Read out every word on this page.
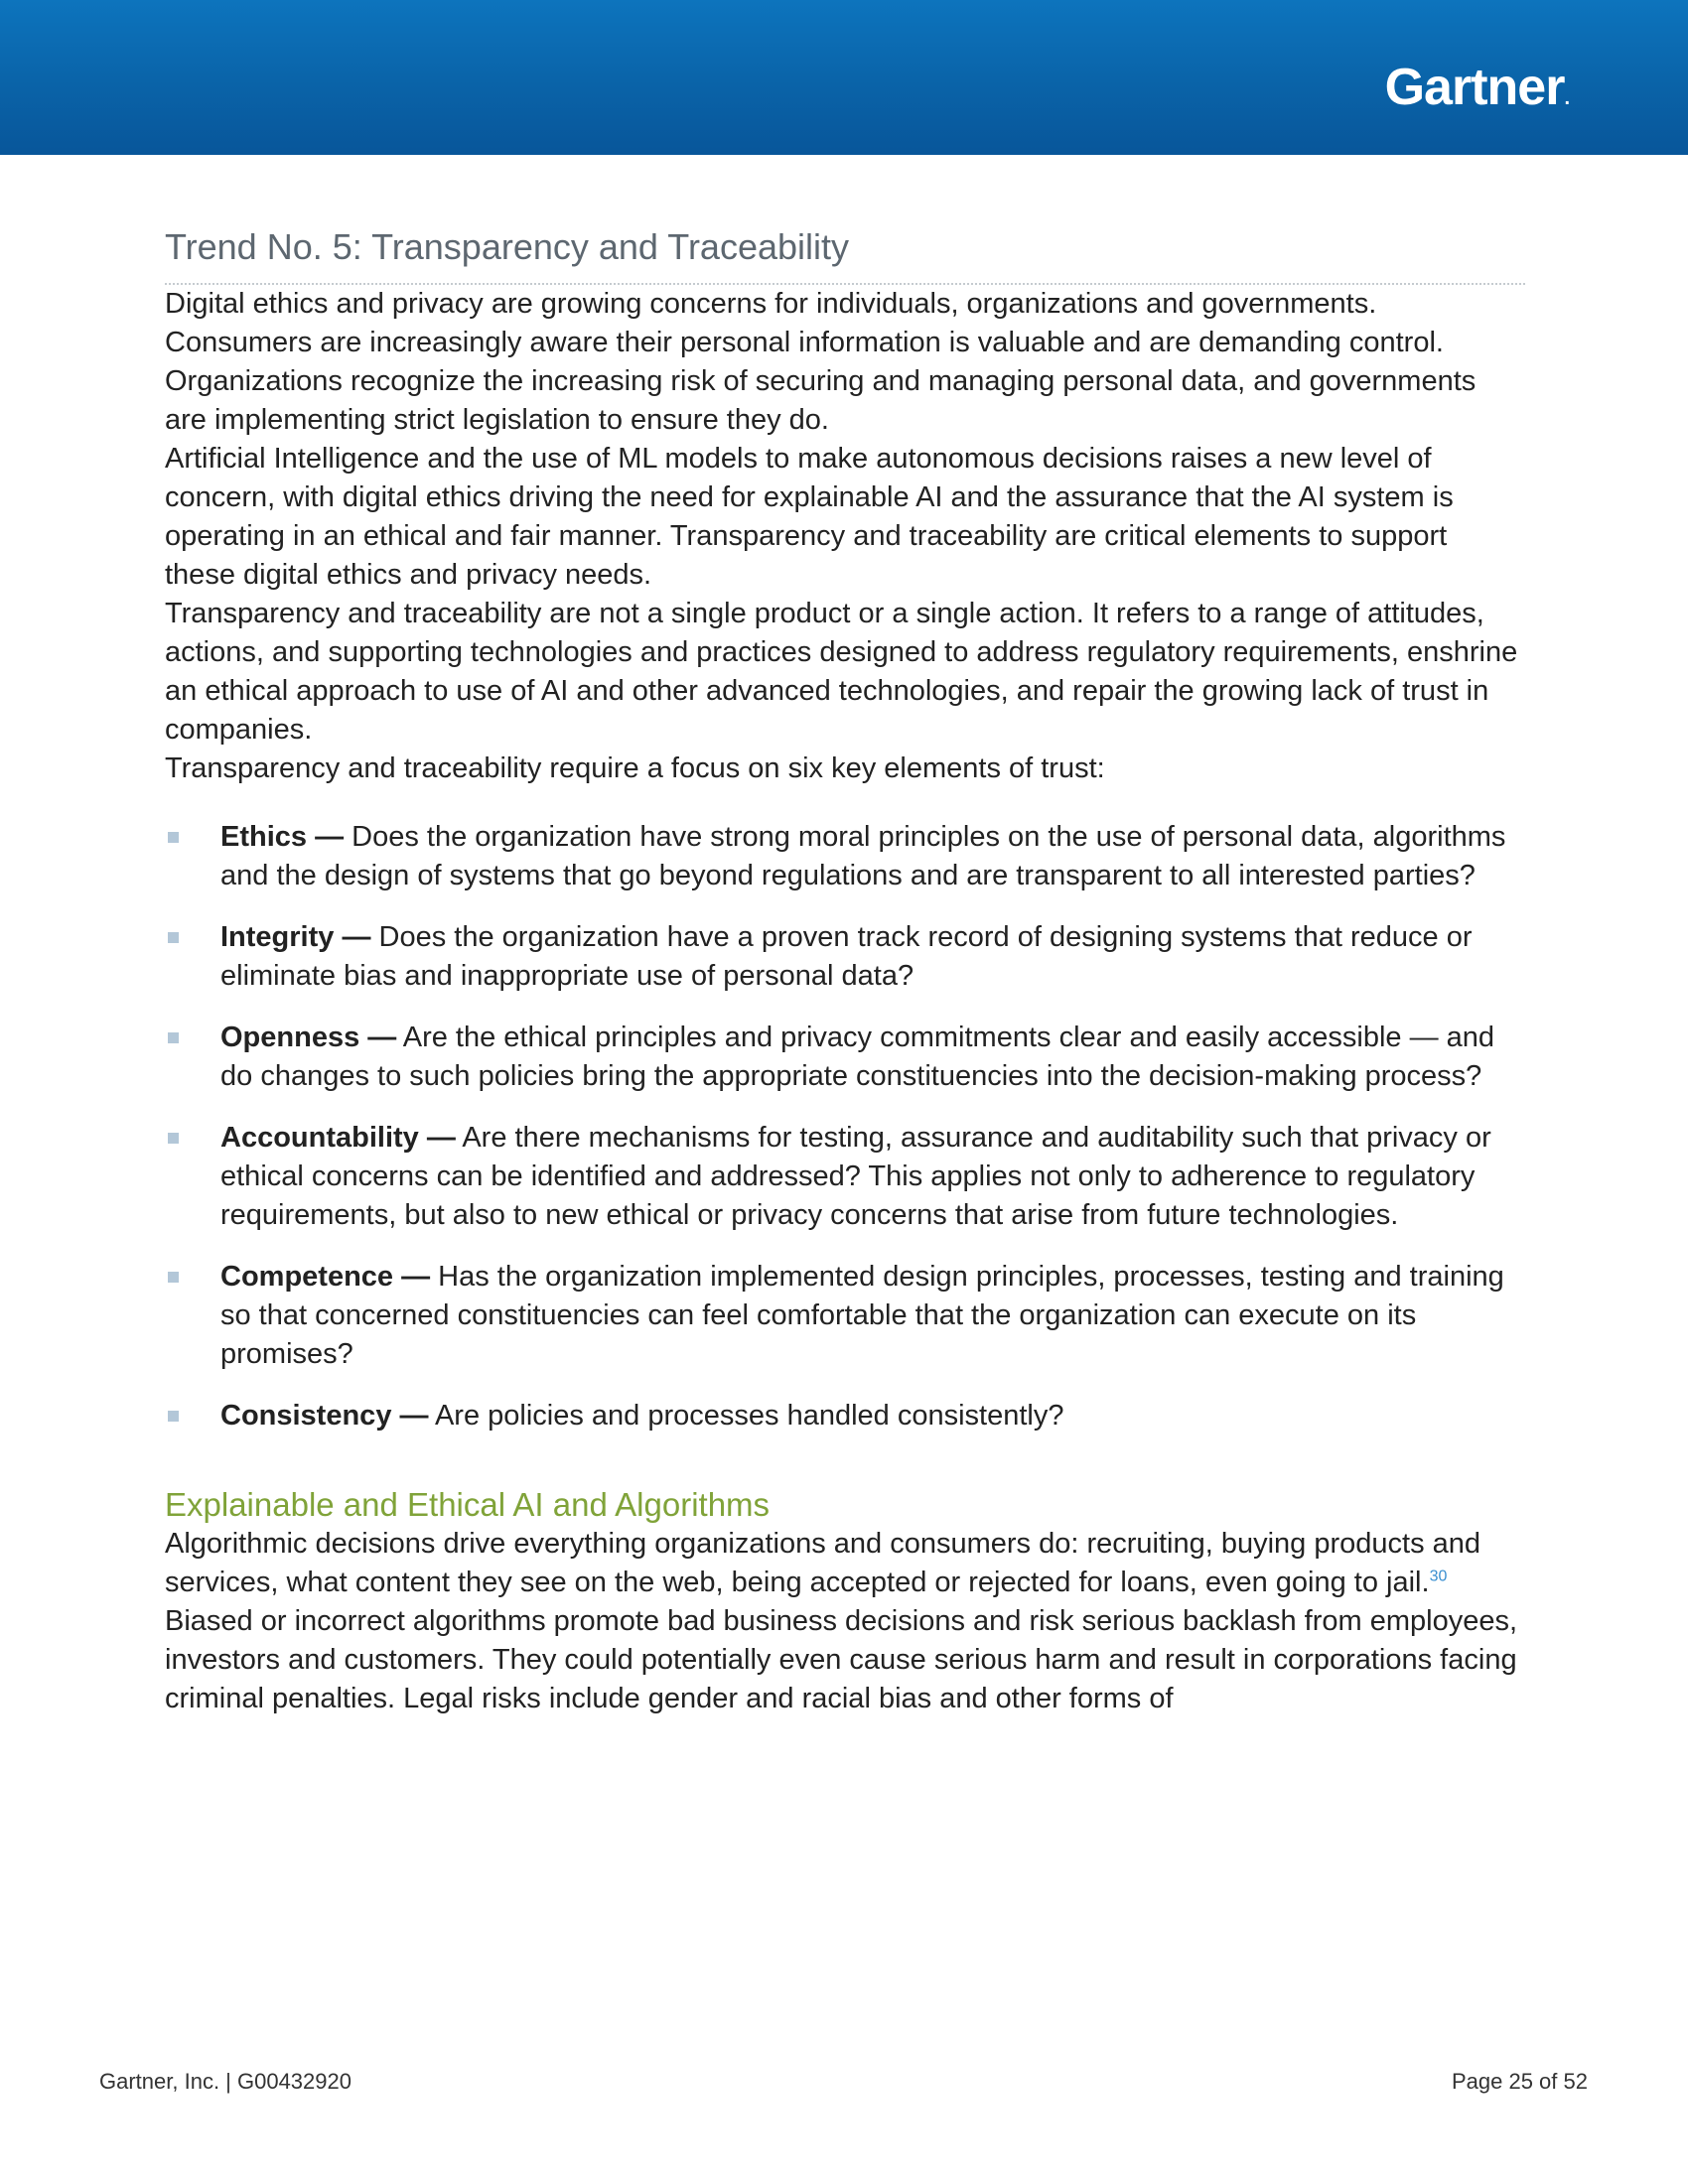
Gartner.
Trend No. 5: Transparency and Traceability

Digital ethics and privacy are growing concerns for individuals, organizations and governments. Consumers are increasingly aware their personal information is valuable and are demanding control. Organizations recognize the increasing risk of securing and managing personal data, and governments are implementing strict legislation to ensure they do.

Artificial Intelligence and the use of ML models to make autonomous decisions raises a new level of concern, with digital ethics driving the need for explainable AI and the assurance that the AI system is operating in an ethical and fair manner. Transparency and traceability are critical elements to support these digital ethics and privacy needs.

Transparency and traceability are not a single product or a single action. It refers to a range of attitudes, actions, and supporting technologies and practices designed to address regulatory requirements, enshrine an ethical approach to use of AI and other advanced technologies, and repair the growing lack of trust in companies.

Transparency and traceability require a focus on six key elements of trust:

Ethics — Does the organization have strong moral principles on the use of personal data, algorithms and the design of systems that go beyond regulations and are transparent to all interested parties?
Integrity — Does the organization have a proven track record of designing systems that reduce or eliminate bias and inappropriate use of personal data?
Openness — Are the ethical principles and privacy commitments clear and easily accessible — and do changes to such policies bring the appropriate constituencies into the decision-making process?
Accountability — Are there mechanisms for testing, assurance and auditability such that privacy or ethical concerns can be identified and addressed? This applies not only to adherence to regulatory requirements, but also to new ethical or privacy concerns that arise from future technologies.
Competence — Has the organization implemented design principles, processes, testing and training so that concerned constituencies can feel comfortable that the organization can execute on its promises?
Consistency — Are policies and processes handled consistently?
Explainable and Ethical AI and Algorithms

Algorithmic decisions drive everything organizations and consumers do: recruiting, buying products and services, what content they see on the web, being accepted or rejected for loans, even going to jail.$^{30}$ Biased or incorrect algorithms promote bad business decisions and risk serious backlash from employees, investors and customers. They could potentially even cause serious harm and result in corporations facing criminal penalties. Legal risks include gender and racial bias and other forms of

Gartner, Inc. | G00432920	Page 25 of 52
